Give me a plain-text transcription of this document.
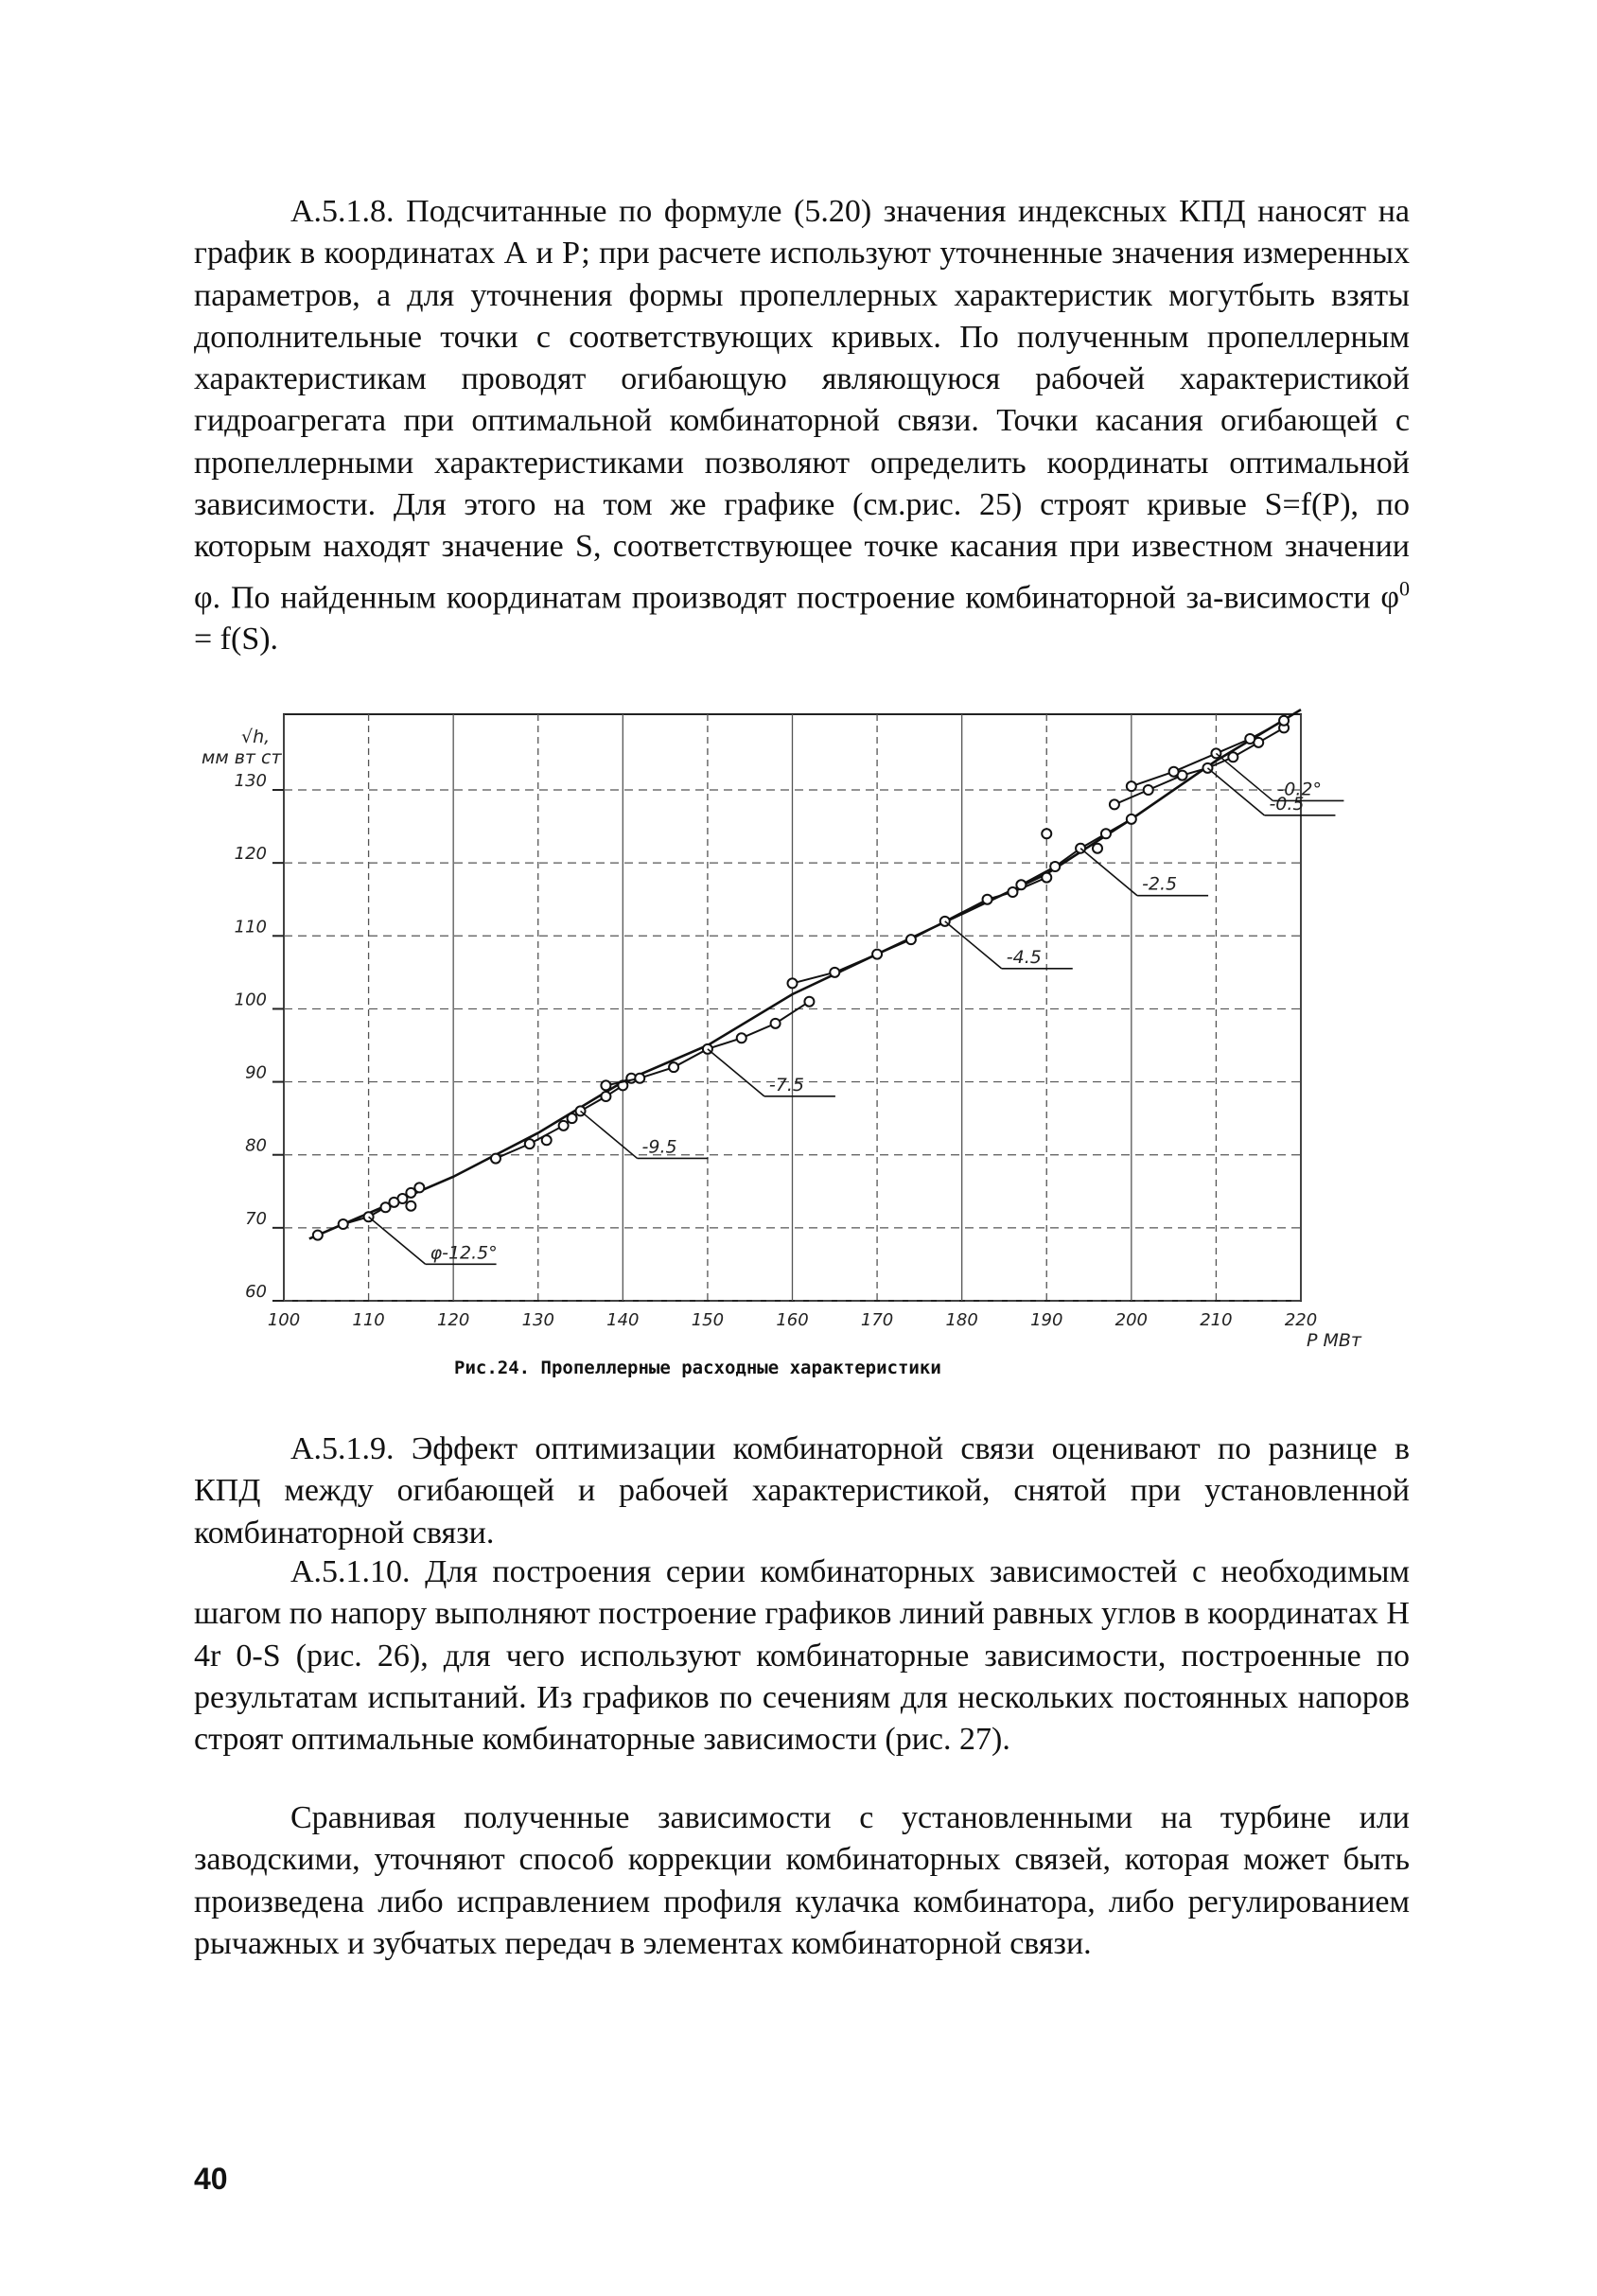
А.5.1.8. Подсчитанные по формуле (5.20) значения индексных КПД наносят на график в координатах А и Р; при расчете используют уточненные значения измеренных параметров, а для уточнения формы пропеллерных характеристик могутбыть взяты дополнительные точки с соответствующих кривых. По полученным пропеллерным характеристикам проводят огибающую являющуюся рабочей характеристикой гидроагрегата при оптимальной комбинаторной связи. Точки касания огибающей с пропеллерными характеристиками позволяют определить координаты оптимальной зависимости. Для этого на том же графике (см.рис. 25) строят кривые S=f(P), по которым находят значение S, соответствующее точке касания при известном значении φ. По найденным координатам производят построение комбинаторной за-висимости $\varphi^0 = f(S)$.

100	110	120	130	140	150	160	170	180	190	200	210	220
60
70
80
90
100
110
120
130
√h,
мм вт ст
P МВт
φ-12.5°
-9.5
-7.5
-4.5
-2.5
-0.5
-0.2°
Рис.24. Пропеллерные расходные характеристики

А.5.1.9. Эффект оптимизации комбинаторной связи оценивают по разнице в КПД между огибающей и рабочей характеристикой, снятой при установленной комбинаторной связи.

А.5.1.10. Для построения серии комбинаторных зависимостей с необходимым шагом по напору выполняют построение графиков линий равных углов в координатах H 4r 0-S (рис. 26), для чего используют комбинаторные зависимости, построенные по результатам испытаний. Из графиков по сечениям для нескольких постоянных напоров строят оптимальные комбинаторные зависимости (рис. 27).

Сравнивая полученные зависимости с установленными на турбине или заводскими, уточняют способ коррекции комбинаторных связей, которая может быть произведена либо исправлением профиля кулачка комбинатора, либо регулированием рычажных и зубчатых передач в элементах комбинаторной связи.

40
